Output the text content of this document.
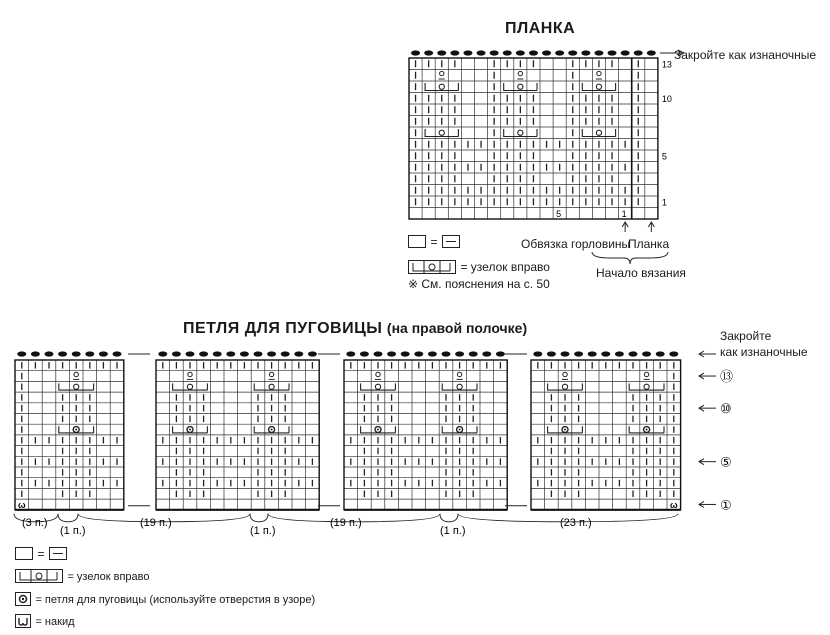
ПЛАНКА
13
10
5
1
5	1
Закройте как изнаночные
Обвязка горловины
Планка
Начало вязания
=
= узелок вправо
※ См. пояснения на с. 50
ПЕТЛЯ ДЛЯ ПУГОВИЦЫ (на правой полочке)	Закройте
как изнаночные
ω	ω
⑬
⑩
⑤
①
(3 п.)
(1 п.)
(19 п.)
(1 п.)
(19 п.)
(1 п.)
(23 п.)
=
= узелок вправо
= петля для пуговицы (используйте отверстия в узоре)
= накид
